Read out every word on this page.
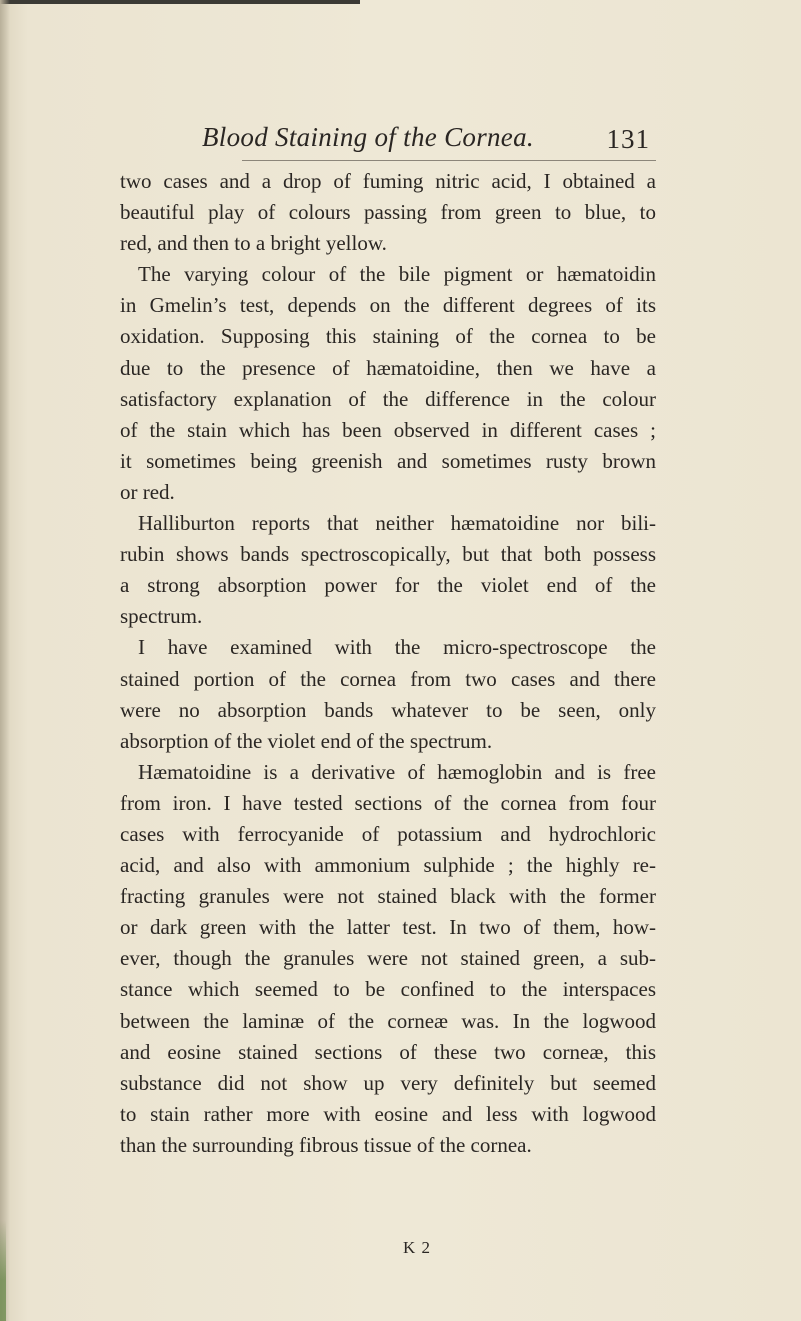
Blood Staining of the Cornea.	131
two cases and a drop of fuming nitric acid, I obtained a
beautiful play of colours passing from green to blue, to
red, and then to a bright yellow.
The varying colour of the bile pigment or hæmatoidin
in Gmelin’s test, depends on the different degrees of its
oxidation. Supposing this staining of the cornea to be
due to the presence of hæmatoidine, then we have a
satisfactory explanation of the difference in the colour
of the stain which has been observed in different cases ;
it sometimes being greenish and sometimes rusty brown
or red.
Halliburton reports that neither hæmatoidine nor bili-
rubin shows bands spectroscopically, but that both possess
a strong absorption power for the violet end of the
spectrum.
I have examined with the micro-spectroscope the
stained portion of the cornea from two cases and there
were no absorption bands whatever to be seen, only
absorption of the violet end of the spectrum.
Hæmatoidine is a derivative of hæmoglobin and is free
from iron. I have tested sections of the cornea from four
cases with ferrocyanide of potassium and hydrochloric
acid, and also with ammonium sulphide ; the highly re-
fracting granules were not stained black with the former
or dark green with the latter test. In two of them, how-
ever, though the granules were not stained green, a sub-
stance which seemed to be confined to the interspaces
between the laminæ of the corneæ was. In the logwood
and eosine stained sections of these two corneæ, this
substance did not show up very definitely but seemed
to stain rather more with eosine and less with logwood
than the surrounding fibrous tissue of the cornea.
K 2
